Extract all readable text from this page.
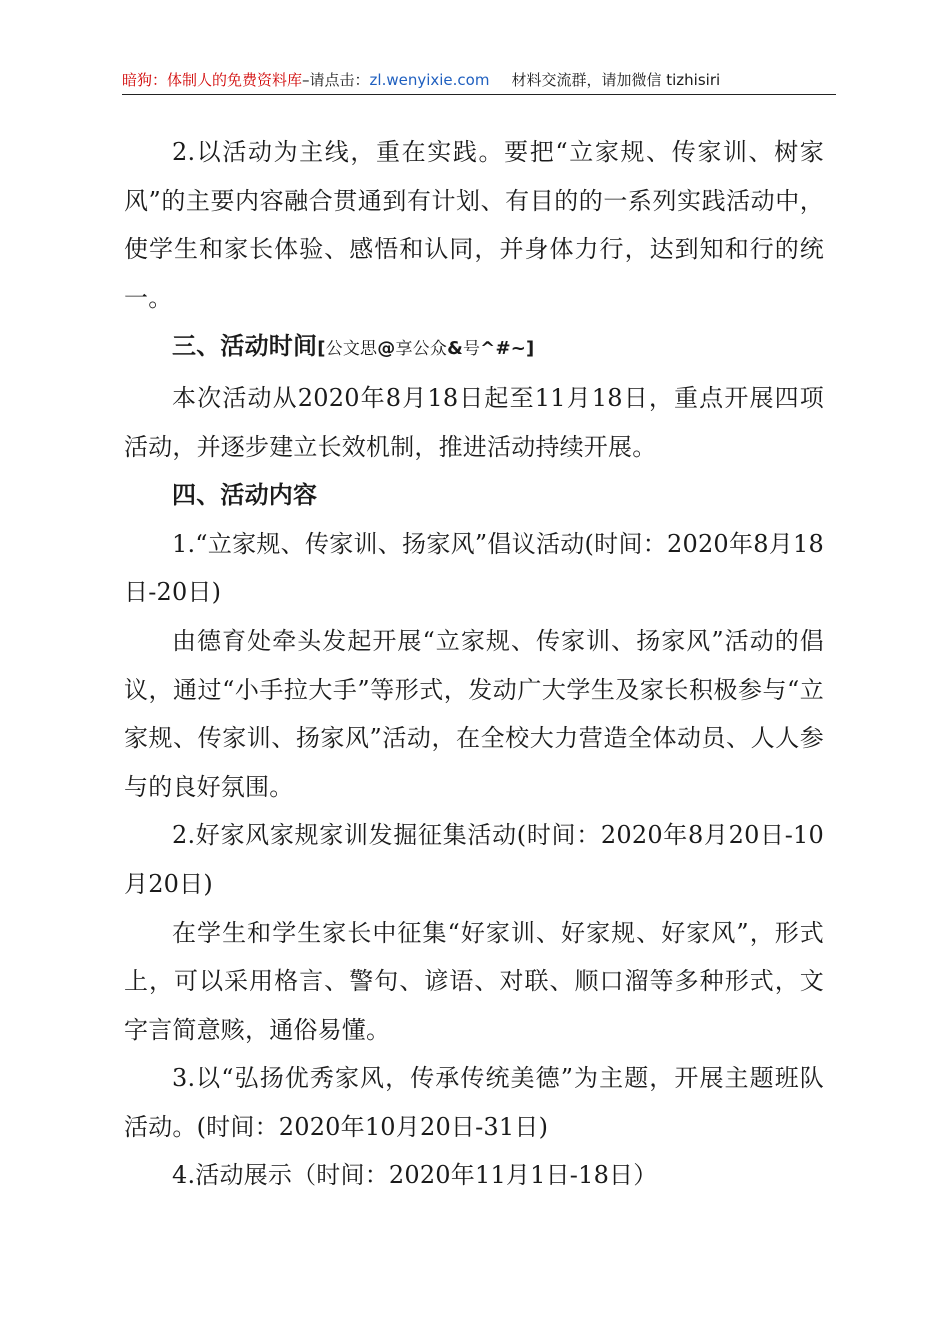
暗狗：体制人的免费资料库–请点击：zl.wenyixie.com 材料交流群，请加微信 tizhisiri

2.以活动为主线，重在实践。要把“立家规、传家训、树家风”的主要内容融合贯通到有计划、有目的的一系列实践活动中，使学生和家长体验、感悟和认同，并身体力行，达到知和行的统一。

三、活动时间[公文思@享公众&号^#~]

本次活动从2020年8月18日起至11月18日，重点开展四项活动，并逐步建立长效机制，推进活动持续开展。

四、活动内容

1.“立家规、传家训、扬家风”倡议活动(时间：2020年8月18日-20日)

由德育处牵头发起开展“立家规、传家训、扬家风”活动的倡议，通过“小手拉大手”等形式，发动广大学生及家长积极参与“立家规、传家训、扬家风”活动，在全校大力营造全体动员、人人参与的良好氛围。

2.好家风家规家训发掘征集活动(时间：2020年8月20日-10月20日)

在学生和学生家长中征集“好家训、好家规、好家风”，形式上，可以采用格言、警句、谚语、对联、顺口溜等多种形式，文字言简意赅，通俗易懂。

3.以“弘扬优秀家风，传承传统美德”为主题，开展主题班队活动。(时间：2020年10月20日-31日)

4.活动展示（时间：2020年11月1日-18日）
